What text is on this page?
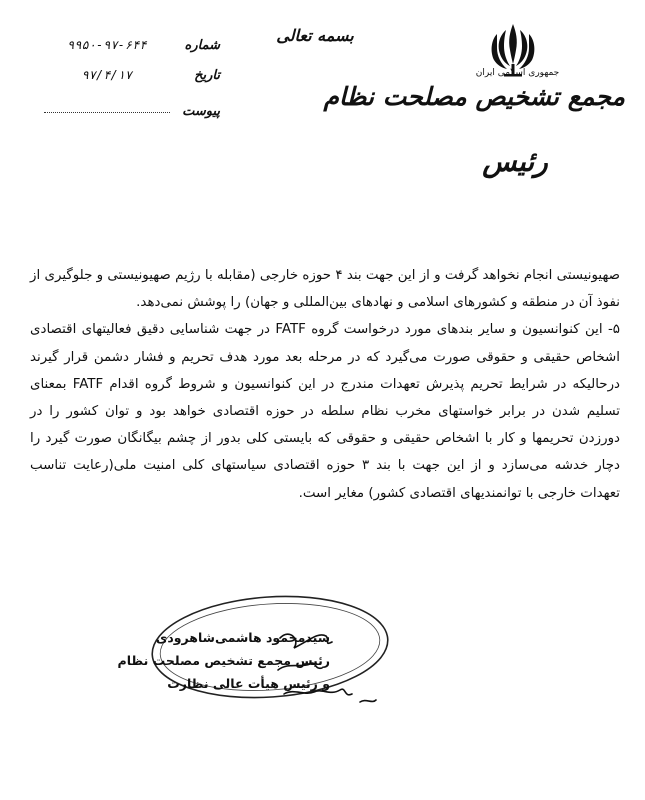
جمهوری اسلامی ایران
مجمع تشخیص مصلحت نظام
رئیس
بسمه تعالی
شماره ۹۹۵۰-۹۷-۶۴۴
تاریخ ۹۷/۴/۱۷
پیوست

صهیونیستی انجام نخواهد گرفت و از این جهت بند ۴ حوزه خارجی (مقابله با رژیم صهیونیستی و جلوگیری از نفوذ آن در منطقه و کشورهای اسلامی و نهادهای بین‌المللی و جهان) را پوشش نمی‌دهد.

۵- این کنوانسیون و سایر بندهای مورد درخواست گروه FATF در جهت شناسایی دقیق فعالیتهای اقتصادی اشخاص حقیقی و حقوقی صورت می‌گیرد که در مرحله بعد مورد هدف تحریم و فشار دشمن قرار گیرند درحالیکه در شرایط تحریم پذیرش تعهدات مندرج در این کنوانسیون و شروط گروه اقدام FATF بمعنای تسلیم شدن در برابر خواستهای مخرب نظام سلطه در حوزه اقتصادی خواهد بود و توان کشور را در دورزدن تحریمها و کار با اشخاص حقیقی و حقوقی که بایستی کلی بدور از چشم بیگانگان صورت گیرد را دچار خدشه می‌سازد و از این جهت با بند ۳ حوزه اقتصادی سیاستهای کلی امنیت ملی(رعایت تناسب تعهدات خارجی با توانمندیهای اقتصادی کشور) مغایر است.

سیدمحمود هاشمی‌شاهرودی
رئیس مجمع تشخیص مصلحت نظام
و رئیس هیأت عالی نظارت
